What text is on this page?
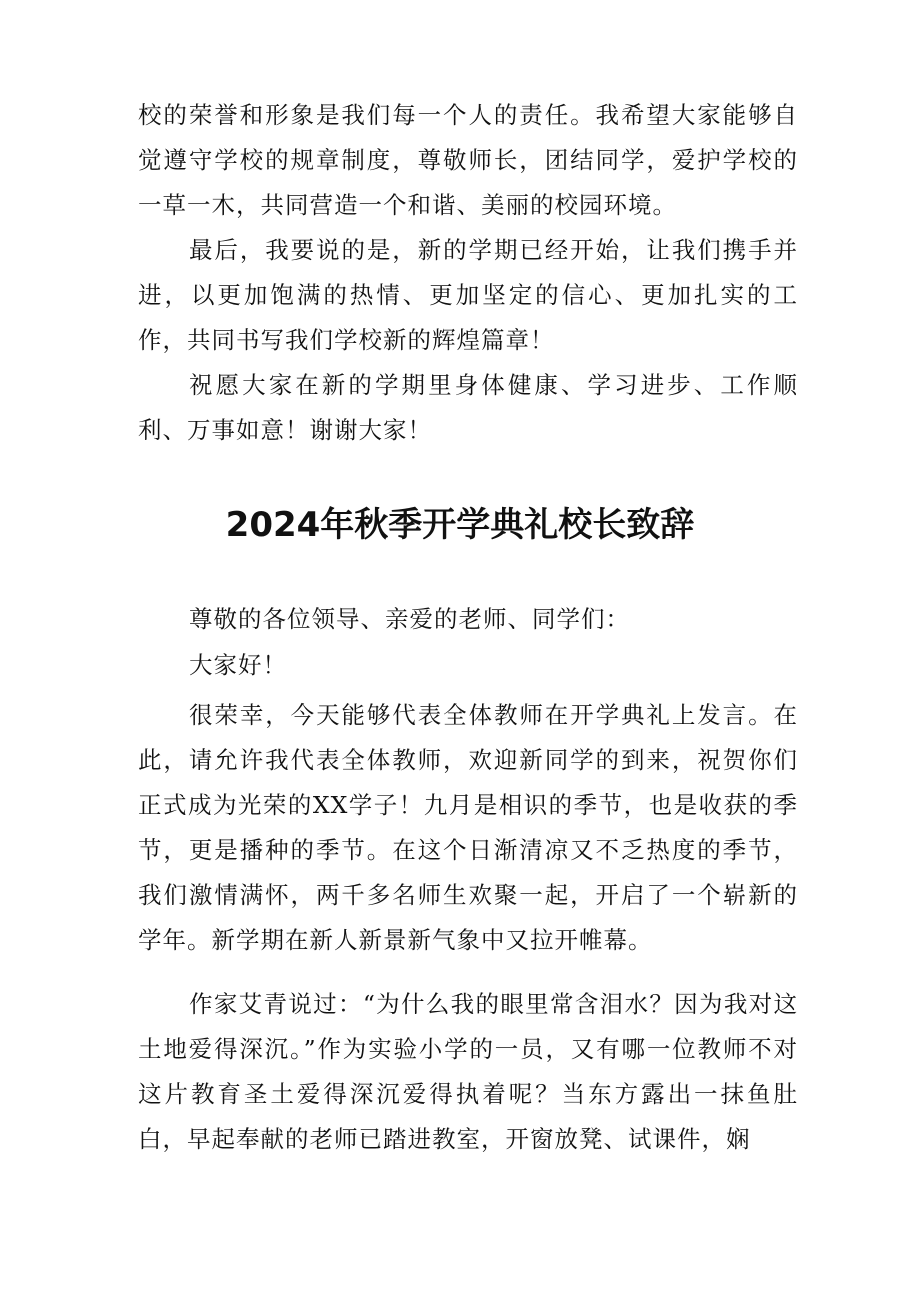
校的荣誉和形象是我们每一个人的责任。我希望大家能够自觉遵守学校的规章制度，尊敬师长，团结同学，爱护学校的一草一木，共同营造一个和谐、美丽的校园环境。

最后，我要说的是，新的学期已经开始，让我们携手并进，以更加饱满的热情、更加坚定的信心、更加扎实的工作，共同书写我们学校新的辉煌篇章！

祝愿大家在新的学期里身体健康、学习进步、工作顺利、万事如意！谢谢大家！

2024年秋季开学典礼校长致辞

尊敬的各位领导、亲爱的老师、同学们：

大家好！

很荣幸，今天能够代表全体教师在开学典礼上发言。在此，请允许我代表全体教师，欢迎新同学的到来，祝贺你们正式成为光荣的XX学子！九月是相识的季节，也是收获的季节，更是播种的季节。在这个日渐清凉又不乏热度的季节，我们激情满怀，两千多名师生欢聚一起，开启了一个崭新的学年。新学期在新人新景新气象中又拉开帷幕。

作家艾青说过：“为什么我的眼里常含泪水？因为我对这土地爱得深沉。”作为实验小学的一员，又有哪一位教师不对这片教育圣土爱得深沉爱得执着呢？当东方露出一抹鱼肚白，早起奉献的老师已踏进教室，开窗放凳、试课件，娴
